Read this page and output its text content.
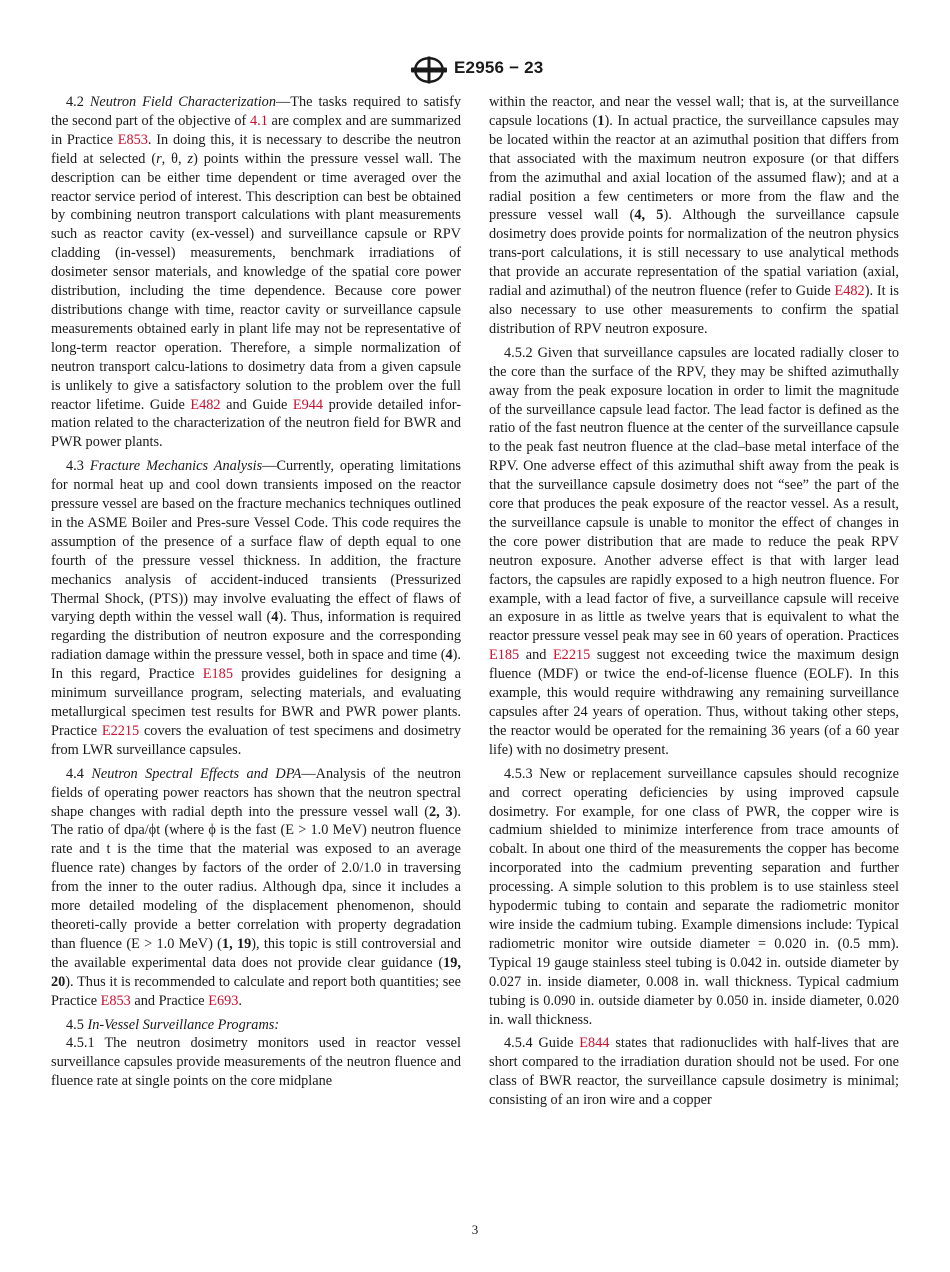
E2956 − 23

4.2 Neutron Field Characterization—The tasks required to satisfy the second part of the objective of 4.1 are complex and are summarized in Practice E853. In doing this, it is necessary to describe the neutron field at selected (r, θ, z) points within the pressure vessel wall. The description can be either time dependent or time averaged over the reactor service period of interest. This description can best be obtained by combining neutron transport calculations with plant measurements such as reactor cavity (ex-vessel) and surveillance capsule or RPV cladding (in-vessel) measurements, benchmark irradiations of dosimeter sensor materials, and knowledge of the spatial core power distribution, including the time dependence. Because core power distributions change with time, reactor cavity or surveillance capsule measurements obtained early in plant life may not be representative of long-term reactor operation. Therefore, a simple normalization of neutron transport calcu-lations to dosimetry data from a given capsule is unlikely to give a satisfactory solution to the problem over the full reactor lifetime. Guide E482 and Guide E944 provide detailed infor-mation related to the characterization of the neutron field for BWR and PWR power plants.

4.3 Fracture Mechanics Analysis—Currently, operating limitations for normal heat up and cool down transients imposed on the reactor pressure vessel are based on the fracture mechanics techniques outlined in the ASME Boiler and Pres-sure Vessel Code. This code requires the assumption of the presence of a surface flaw of depth equal to one fourth of the pressure vessel thickness. In addition, the fracture mechanics analysis of accident-induced transients (Pressurized Thermal Shock, (PTS)) may involve evaluating the effect of flaws of varying depth within the vessel wall (4). Thus, information is required regarding the distribution of neutron exposure and the corresponding radiation damage within the pressure vessel, both in space and time (4). In this regard, Practice E185 provides guidelines for designing a minimum surveillance program, selecting materials, and evaluating metallurgical specimen test results for BWR and PWR power plants. Practice E2215 covers the evaluation of test specimens and dosimetry from LWR surveillance capsules.

4.4 Neutron Spectral Effects and DPA—Analysis of the neutron fields of operating power reactors has shown that the neutron spectral shape changes with radial depth into the pressure vessel wall (2, 3). The ratio of dpa/ϕt (where ϕ is the fast (E > 1.0 MeV) neutron fluence rate and t is the time that the material was exposed to an average fluence rate) changes by factors of the order of 2.0/1.0 in traversing from the inner to the outer radius. Although dpa, since it includes a more detailed modeling of the displacement phenomenon, should theoreti-cally provide a better correlation with property degradation than fluence (E > 1.0 MeV) (1, 19), this topic is still controversial and the available experimental data does not provide clear guidance (19, 20). Thus it is recommended to calculate and report both quantities; see Practice E853 and Practice E693.

4.5 In-Vessel Surveillance Programs:

4.5.1 The neutron dosimetry monitors used in reactor vessel surveillance capsules provide measurements of the neutron fluence and fluence rate at single points on the core midplane

within the reactor, and near the vessel wall; that is, at the surveillance capsule locations (1). In actual practice, the surveillance capsules may be located within the reactor at an azimuthal position that differs from that associated with the maximum neutron exposure (or that differs from the azimuthal and axial location of the assumed flaw); and at a radial position a few centimeters or more from the flaw and the pressure vessel wall (4, 5). Although the surveillance capsule dosimetry does provide points for normalization of the neutron physics trans-port calculations, it is still necessary to use analytical methods that provide an accurate representation of the spatial variation (axial, radial and azimuthal) of the neutron fluence (refer to Guide E482). It is also necessary to use other measurements to confirm the spatial distribution of RPV neutron exposure.

4.5.2 Given that surveillance capsules are located radially closer to the core than the surface of the RPV, they may be shifted azimuthally away from the peak exposure location in order to limit the magnitude of the surveillance capsule lead factor. The lead factor is defined as the ratio of the fast neutron fluence at the center of the surveillance capsule to the peak fast neutron fluence at the clad–base metal interface of the RPV. One adverse effect of this azimuthal shift away from the peak is that the surveillance capsule dosimetry does not “see” the part of the core that produces the peak exposure of the reactor vessel. As a result, the surveillance capsule is unable to monitor the effect of changes in the core power distribution that are made to reduce the peak RPV neutron exposure. Another adverse effect is that with larger lead factors, the capsules are rapidly exposed to a high neutron fluence. For example, with a lead factor of five, a surveillance capsule will receive an exposure in as little as twelve years that is equivalent to what the reactor pressure vessel peak may see in 60 years of operation. Practices E185 and E2215 suggest not exceeding twice the maximum design fluence (MDF) or twice the end-of-license fluence (EOLF). In this example, this would require withdrawing any remaining surveillance capsules after 24 years of operation. Thus, without taking other steps, the reactor would be operated for the remaining 36 years (of a 60 year life) with no dosimetry present.

4.5.3 New or replacement surveillance capsules should recognize and correct operating deficiencies by using improved capsule dosimetry. For example, for one class of PWR, the copper wire is cadmium shielded to minimize interference from trace amounts of cobalt. In about one third of the measurements the copper has become incorporated into the cadmium preventing separation and further processing. A simple solution to this problem is to use stainless steel hypodermic tubing to contain and separate the radiometric monitor wire inside the cadmium tubing. Example dimensions include: Typical radiometric monitor wire outside diameter = 0.020 in. (0.5 mm). Typical 19 gauge stainless steel tubing is 0.042 in. outside diameter by 0.027 in. inside diameter, 0.008 in. wall thickness. Typical cadmium tubing is 0.090 in. outside diameter by 0.050 in. inside diameter, 0.020 in. wall thickness.

4.5.4 Guide E844 states that radionuclides with half-lives that are short compared to the irradiation duration should not be used. For one class of BWR reactor, the surveillance capsule dosimetry is minimal; consisting of an iron wire and a copper

3
